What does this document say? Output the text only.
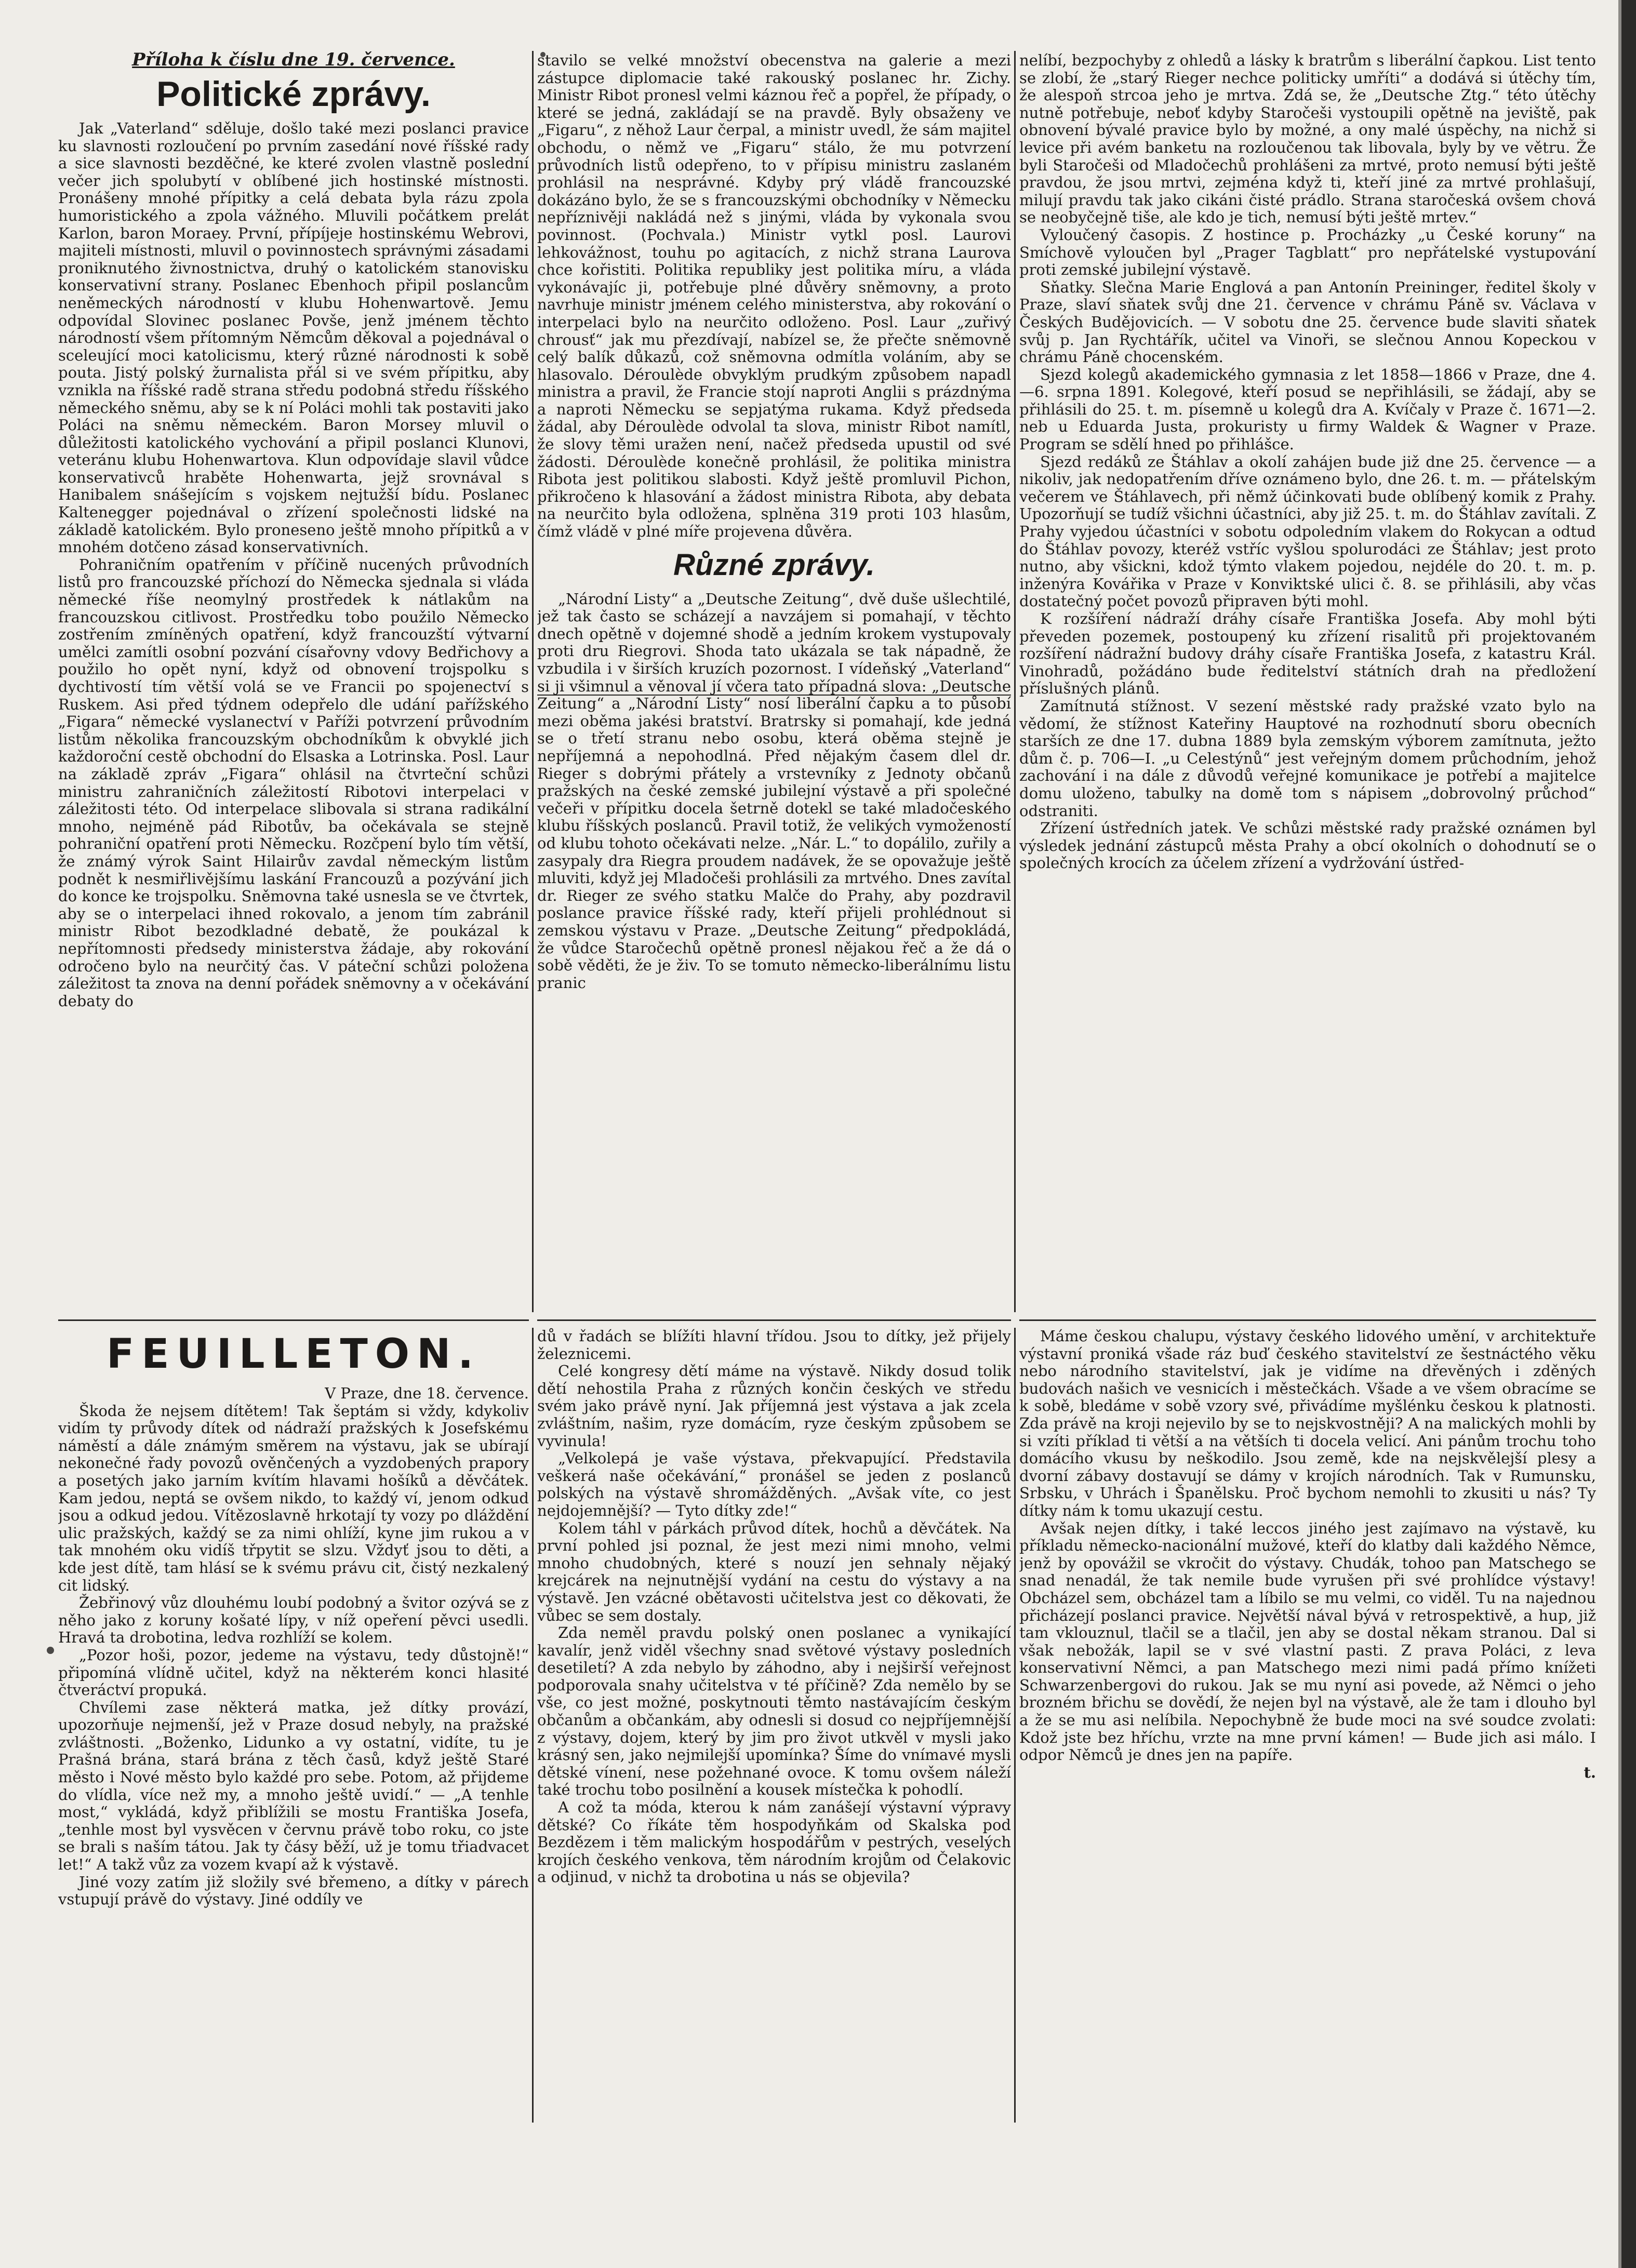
Příloha k číslu dne 19. července.
Politické zprávy.

Jak „Vaterland“ sděluje, došlo také mezi poslanci pravice ku slavnosti rozloučení po prvním zasedání nové říšské rady a sice slavnosti bezděčné, ke které zvolen vlastně poslední večer jich spolubytí v oblíbené jich hostinské místnosti. Pronášeny mnohé přípitky a celá debata byla rázu zpola humoristického a zpola vážného. Mluvili počátkem prelát Karlon, baron Moraey. První, přípíjeje hostinskému Webrovi, majiteli místnosti, mluvil o povinnostech správnými zásadami proniknutého živnostnictva, druhý o katolickém stanovisku konservativní strany. Poslanec Ebenhoch připil poslancům neněmeckých národností v klubu Hohenwartově. Jemu odpovídal Slovinec poslanec Povše, jenž jménem těchto národností všem přítomným Němcům děkoval a pojednával o sceleující moci katolicismu, který různé národnosti k sobě pouta. Jistý polský žurnalista přál si ve svém přípitku, aby vznikla na říšské radě strana středu podobná středu říšského německého sněmu, aby se k ní Poláci mohli tak postaviti jako Poláci na sněmu německém. Baron Morsey mluvil o důležitosti katolického vychování a připil poslanci Klunovi, veteránu klubu Hohenwartova. Klun odpovídaje slavil vůdce konservativců hraběte Hohenwarta, jejž srovnával s Hanibalem snášejícím s vojskem nejtužší bídu. Poslanec Kaltenegger pojednával o zřízení společnosti lidské na základě katolickém. Bylo proneseno ještě mnoho přípitků a v mnohém dotčeno zásad konservativních.

Pohraničním opatřením v příčině nucených průvodních listů pro francouzské příchozí do Německa sjednala si vláda německé říše neomylný prostředek k nátlakům na francouzskou citlivost. Prostředku tobo použilo Německo zostřením zmíněných opatření, když francouzští výtvarní umělci zamítli osobní pozvání císařovny vdovy Bedřichovy a použilo ho opět nyní, když od obnovení trojspolku s dychtivostí tím větší volá se ve Francii po spojenectví s Ruskem. Asi před týdnem odepřelo dle udání pařížského „Figara“ německé vyslanectví v Paříži potvrzení průvodním listům několika francouzským obchodníkům k obvyklé jich každoroční cestě obchodní do Elsaska a Lotrinska. Posl. Laur na základě zpráv „Figara“ ohlásil na čtvrteční schůzi ministru zahraničních záležitostí Ribotovi interpelaci v záležitosti této. Od interpelace slibovala si strana radikální mnoho, nejméně pád Ribotův, ba očekávala se stejně pohraniční opatření proti Německu. Rozčpení bylo tím větší, že známý výrok Saint Hilairův zavdal německým listům podnět k nesmiřlivějšímu laskání Francouzů a pozývání jich do konce ke trojspolku. Sněmovna také usnesla se ve čtvrtek, aby se o interpelaci ihned rokovalo, a jenom tím zabránil ministr Ribot bezodkladné debatě, že poukázal k nepřítomnosti předsedy ministerstva žádaje, aby rokování odročeno bylo na neurčitý čas. V páteční schůzi položena záležitost ta znova na denní pořádek sněmovny a v očekávání debaty do

stavilo se velké množství obecenstva na galerie a mezi zástupce diplomacie také rakouský poslanec hr. Zichy. Ministr Ribot pronesl velmi káznou řeč a popřel, že případy, o které se jedná, zakládají se na pravdě. Byly obsaženy ve „Figaru“, z něhož Laur čerpal, a ministr uvedl, že sám majitel obchodu, o němž ve „Figaru“ stálo, že mu potvrzení průvodních listů odepřeno, to v přípisu ministru zaslaném prohlásil na nesprávné. Kdyby prý vládě francouzské dokázáno bylo, že se s francouzskými obchodníky v Německu nepříznivěji nakládá než s jinými, vláda by vykonala svou povinnost. (Pochvala.) Ministr vytkl posl. Laurovi lehkovážnost, touhu po agitacích, z nichž strana Laurova chce kořistiti. Politika republiky jest politika míru, a vláda vykonávajíc ji, potřebuje plné důvěry sněmovny, a proto navrhuje ministr jménem celého ministerstva, aby rokování o interpelaci bylo na neurčito odloženo. Posl. Laur „zuřivý chrousť“ jak mu přezdívají, nabízel se, že přečte sněmovně celý balík důkazů, což sněmovna odmítla voláním, aby se hlasovalo. Déroulède obvyklým prudkým způsobem napadl ministra a pravil, že Francie stojí naproti Anglii s prázdnýma a naproti Německu se sepjatýma rukama. Když předseda žádal, aby Déroulède odvolal ta slova, ministr Ribot namítl, že slovy těmi uražen není, načež předseda upustil od své žádosti. Déroulède konečně prohlásil, že politika ministra Ribota jest politikou slabosti. Když ještě promluvil Pichon, přikročeno k hlasování a žádost ministra Ribota, aby debata na neurčito byla odložena, splněna 319 proti 103 hlasům, čímž vládě v plné míře projevena důvěra.

Různé zprávy.

„Národní Listy“ a „Deutsche Zeitung“, dvě duše ušlechtilé, jež tak často se scházejí a navzájem si pomahají, v těchto dnech opětně v dojemné shodě a jedním krokem vystupovaly proti dru Riegrovi. Shoda tato ukázala se tak nápadně, že vzbudila i v širších kruzích pozornost. I vídeňský „Vaterland“ si ji všimnul a věnoval jí včera tato případná slova: „Deutsche Zeitung“ a „Národní Listy“ nosí liberální čapku a to působí mezi oběma jakési bratství. Bratrsky si pomahají, kde jedná se o třetí stranu nebo osobu, která oběma stejně je nepříjemná a nepohodlná. Před nějakým časem dlel dr. Rieger s dobrými přátely a vrstevníky z Jednoty občanů pražských na české zemské jubilejní výstavě a při společné večeři v přípitku docela šetrně dotekl se také mladočeského klubu říšských poslanců. Pravil totiž, že velikých vymožeností od klubu tohoto očekávati nelze. „Nár. L.“ to dopálilo, zuřily a zasypaly dra Riegra proudem nadávek, že se opovažuje ještě mluviti, když jej Mladočeši prohlásili za mrtvého. Dnes zavítal dr. Rieger ze svého statku Malče do Prahy, aby pozdravil poslance pravice říšské rady, kteří přijeli prohlédnout si zemskou výstavu v Praze. „Deutsche Zeitung“ předpokládá, že vůdce Staročechů opětně pronesl nějakou řeč a že dá o sobě věděti, že je živ. To se tomuto německo-liberálnímu listu pranic

nelíbí, bezpochyby z ohledů a lásky k bratrům s liberální čapkou. List tento se zlobí, že „starý Rieger nechce politicky umříti“ a dodává si útěchy tím, že alespoň strcoa jeho je mrtva. Zdá se, že „Deutsche Ztg.“ této útěchy nutně potřebuje, neboť kdyby Staročeši vystoupili opětně na jeviště, pak obnovení bývalé pravice bylo by možné, a ony malé úspěchy, na nichž si levice při avém banketu na rozloučenou tak libovala, byly by ve větru. Že byli Staročeši od Mladočechů prohlášeni za mrtvé, proto nemusí býti ještě pravdou, že jsou mrtvi, zejména když ti, kteří jiné za mrtvé prohlašují, milují pravdu tak jako cikáni čisté prádlo. Strana staročeská ovšem chová se neobyčejně tiše, ale kdo je tich, nemusí býti ještě mrtev.“

Vyloučený časopis. Z hostince p. Procházky „u České koruny“ na Smíchově vyloučen byl „Prager Tagblatt“ pro nepřátelské vystupování proti zemské jubilejní výstavě.

Sňatky. Slečna Marie Englová a pan Antonín Preininger, ředitel školy v Praze, slaví sňatek svůj dne 21. července v chrámu Páně sv. Václava v Českých Budějovicích. — V sobotu dne 25. července bude slaviti sňatek svůj p. Jan Rychtářík, učitel va Vinoři, se slečnou Annou Kopeckou v chrámu Páně chocenském.

Sjezd kolegů akademického gymnasia z let 1858—1866 v Praze, dne 4.—6. srpna 1891. Kolegové, kteří posud se nepřihlásili, se žádají, aby se přihlásili do 25. t. m. písemně u kolegů dra A. Kvíčaly v Praze č. 1671—2. neb u Eduarda Justa, prokuristy u firmy Waldek & Wagner v Praze. Program se sdělí hned po přihlášce.

Sjezd redáků ze Štáhlav a okolí zahájen bude již dne 25. července — a nikoliv, jak nedopatřením dříve oznámeno bylo, dne 26. t. m. — přátelským večerem ve Štáhlavech, při němž účinkovati bude oblíbený komik z Prahy. Upozorňují se tudíž všichni účastníci, aby již 25. t. m. do Štáhlav zavítali. Z Prahy vyjedou účastníci v sobotu odpoledním vlakem do Rokycan a odtud do Štáhlav povozy, kteréž vstříc vyšlou spolurodáci ze Štáhlav; jest proto nutno, aby všickni, kdož týmto vlakem pojedou, nejdéle do 20. t. m. p. inženýra Kovářika v Praze v Konviktské ulici č. 8. se přihlásili, aby včas dostatečný počet povozů připraven býti mohl.

K rozšíření nádraží dráhy císaře Františka Josefa. Aby mohl býti převeden pozemek, postoupený ku zřízení risalitů při projektovaném rozšíření nádražní budovy dráhy císaře Františka Josefa, z katastru Král. Vinohradů, požádáno bude ředitelství státních drah na předložení příslušných plánů.

Zamítnutá stížnost. V sezení městské rady pražské vzato bylo na vědomí, že stížnost Kateřiny Hauptové na rozhodnutí sboru obecních starších ze dne 17. dubna 1889 byla zemským výborem zamítnuta, ježto dům č. p. 706—I. „u Celestýnů“ jest veřejným domem průchodním, jehož zachování i na dále z důvodů veřejné komunikace je potřebí a majitelce domu uloženo, tabulky na domě tom s nápisem „dobrovolný průchod“ odstraniti.

Zřízení ústředních jatek. Ve schůzi městské rady pražské oznámen byl výsledek jednání zástupců města Prahy a obcí okolních o dohodnutí se o společných krocích za účelem zřízení a vydržování ústřed-

FEUILLETON.
V Praze, dne 18. července.

Škoda že nejsem dítětem! Tak šeptám si vždy, kdykoliv vidím ty průvody dítek od nádraží pražských k Josefskému náměstí a dále známým směrem na výstavu, jak se ubírají nekonečné řady povozů ověnčených a vyzdobených prapory a posetých jako jarním kvítím hlavami hošíků a děvčátek. Kam jedou, neptá se ovšem nikdo, to každý ví, jenom odkud jsou a odkud jedou. Vítězoslavně hrkotají ty vozy po dláždění ulic pražských, každý se za nimi ohlíží, kyne jim rukou a v tak mnohém oku vidíš třpytit se slzu. Vždyť jsou to děti, a kde jest dítě, tam hlásí se k svému právu cit, čistý nezkalený cit lidský.

Žebřinový vůz dlouhému loubí podobný a švitor ozývá se z něho jako z koruny košaté lípy, v níž opeření pěvci usedli. Hravá ta drobotina, ledva rozhlíží se kolem.

„Pozor hoši, pozor, jedeme na výstavu, tedy důstojně!“ připomíná vlídně učitel, když na některém konci hlasité čtveráctví propuká.

Chvílemi zase některá matka, jež dítky provází, upozorňuje nejmenší, jež v Praze dosud nebyly, na pražské zvláštnosti. „Boženko, Lidunko a vy ostatní, vidíte, tu je Prašná brána, stará brána z těch časů, když ještě Staré město i Nové město bylo každé pro sebe. Potom, až přijdeme do vlídla, více než my, a mnoho ještě uvidí.“ — „A tenhle most,“ vykládá, když přiblížili se mostu Františka Josefa, „tenhle most byl vysvěcen v červnu právě tobo roku, co jste se brali s naším tátou. Jak ty čásy běží, už je tomu třiadvacet let!“ A takž vůz za vozem kvapí až k výstavě.

Jiné vozy zatím již složily své břemeno, a dítky v párech vstupují právě do výstavy. Jiné oddíly ve

dů v řadách se blížíti hlavní třídou. Jsou to dítky, jež přijely železnicemi.

Celé kongresy dětí máme na výstavě. Nikdy dosud tolik dětí nehostila Praha z různých končin českých ve středu svém jako právě nyní. Jak příjemná jest výstava a jak zcela zvláštním, našim, ryze domácím, ryze českým způsobem se vyvinula!

„Velkolepá je vaše výstava, překvapující. Představila veškerá naše očekávání,“ pronášel se jeden z poslanců polských na výstavě shromážděných. „Avšak víte, co jest nejdojemnější? — Tyto dítky zde!“

Kolem táhl v párkách průvod dítek, hochů a děvčátek. Na první pohled jsi poznal, že jest mezi nimi mnoho, velmi mnoho chudobných, které s nouzí jen sehnaly nějaký krejcárek na nejnutnější vydání na cestu do výstavy a na výstavě. Jen vzácné obětavosti učitelstva jest co děkovati, že vůbec se sem dostaly.

Zda neměl pravdu polský onen poslanec a vynikající kavalír, jenž viděl všechny snad světové výstavy posledních desetiletí? A zda nebylo by záhodno, aby i nejširší veřejnost podporovala snahy učitelstva v té příčině? Zda nemělo by se vše, co jest možné, poskytnouti těmto nastávajícím českým občanům a občankám, aby odnesli si dosud co nejpříjemnější z výstavy, dojem, který by jim pro život utkvěl v mysli jako krásný sen, jako nejmilejší upomínka? Šíme do vnímavé mysli dětské vínení, nese požehnané ovoce. K tomu ovšem náleží také trochu tobo posilnění a kousek místečka k pohodlí.

A což ta móda, kterou k nám zanášejí výstavní výpravy dětské? Co říkáte těm hospodyňkám od Skalska pod Bezdězem i těm malickým hospodářům v pestrých, veselých krojích českého venkova, těm národním krojům od Čelakovic a odjinud, v nichž ta drobotina u nás se objevila?

Máme českou chalupu, výstavy českého lidového umění, v architektuře výstavní proniká všade ráz buď českého stavitelství ze šestnáctého věku nebo národního stavitelství, jak je vidíme na dřevěných i zděných budovách našich ve vesnicích i městečkách. Všade a ve všem obracíme se k sobě, bledáme v sobě vzory své, přivádíme myšlénku českou k platnosti. Zda právě na kroji nejevilo by se to nejskvostněji? A na malických mohli by si vzíti příklad ti větší a na větších ti docela velicí. Ani pánům trochu toho domácího vkusu by neškodilo. Jsou země, kde na nejskvělejší plesy a dvorní zábavy dostavují se dámy v krojích národních. Tak v Rumunsku, Srbsku, v Uhrách i Španělsku. Proč bychom nemohli to zkusiti u nás? Ty dítky nám k tomu ukazují cestu.

Avšak nejen dítky, i také leccos jiného jest zajímavo na výstavě, ku příkladu německo-nacionální mužové, kteří do klatby dali každého Němce, jenž by opovážil se vkročit do výstavy. Chudák, tohoo pan Matschego se snad nenadál, že tak nemile bude vyrušen při své prohlídce výstavy! Obcházel sem, obcházel tam a líbilo se mu velmi, co viděl. Tu na najednou přicházejí poslanci pravice. Největší nával bývá v retrospektivě, a hup, již tam vklouznul, tlačil se a tlačil, jen aby se dostal někam stranou. Dal si však nebožák, lapil se v své vlastní pasti. Z prava Poláci, z leva konservativní Němci, a pan Matschego mezi nimi padá přímo knížeti Schwarzenbergovi do rukou. Jak se mu nyní asi povede, až Němci o jeho brozném břichu se dovědí, že nejen byl na výstavě, ale že tam i dlouho byl a že se mu asi nelíbila. Nepochybně že bude moci na své soudce zvolati: Kdož jste bez hříchu, vrzte na mne první kámen! — Bude jich asi málo. I odpor Němců je dnes jen na papíře.

t.
